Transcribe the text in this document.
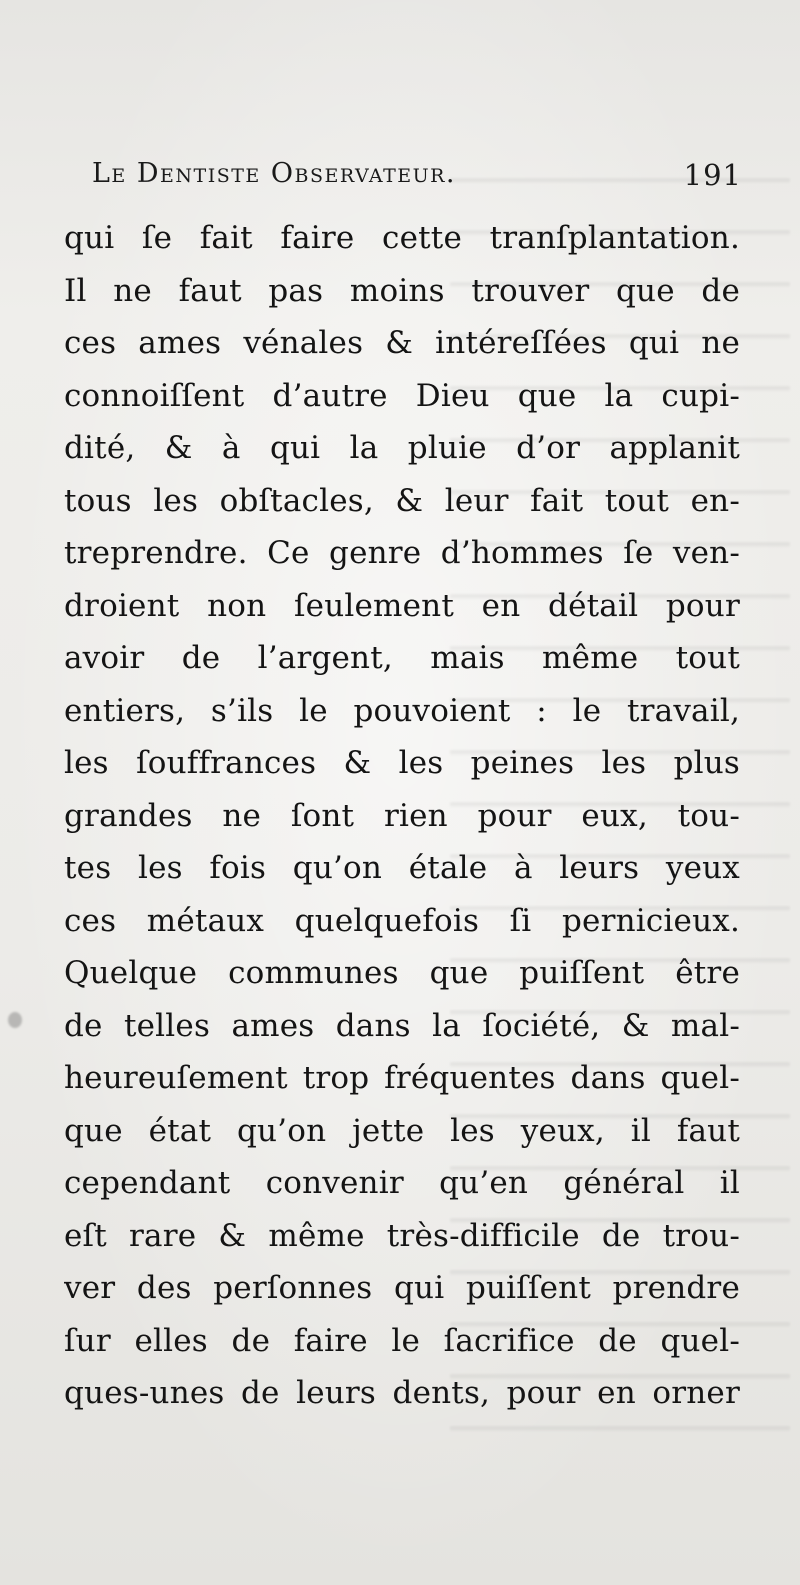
Le Dentiste Observateur.	191
qui ſe fait faire cette tranſplantation.
Il ne faut pas moins trouver que de
ces ames vénales & intéreſſées qui ne
connoiſſent d’autre Dieu que la cupi-
dité, & à qui la pluie d’or applanit
tous les obſtacles, & leur fait tout en-
treprendre. Ce genre d’hommes ſe ven-
droient non ſeulement en détail pour
avoir de l’argent, mais même tout
entiers, s’ils le pouvoient : le travail,
les ſouffrances & les peines les plus
grandes ne ſont rien pour eux, tou-
tes les fois qu’on étale à leurs yeux
ces métaux quelquefois ſi pernicieux.
Quelque communes que puiſſent être
de telles ames dans la ſociété, & mal-
heureuſement trop fréquentes dans quel-
que état qu’on jette les yeux, il faut
cependant convenir qu’en général il
eſt rare & même très-difficile de trou-
ver des perſonnes qui puiſſent prendre
ſur elles de faire le ſacrifice de quel-
ques-unes de leurs dents, pour en orner
